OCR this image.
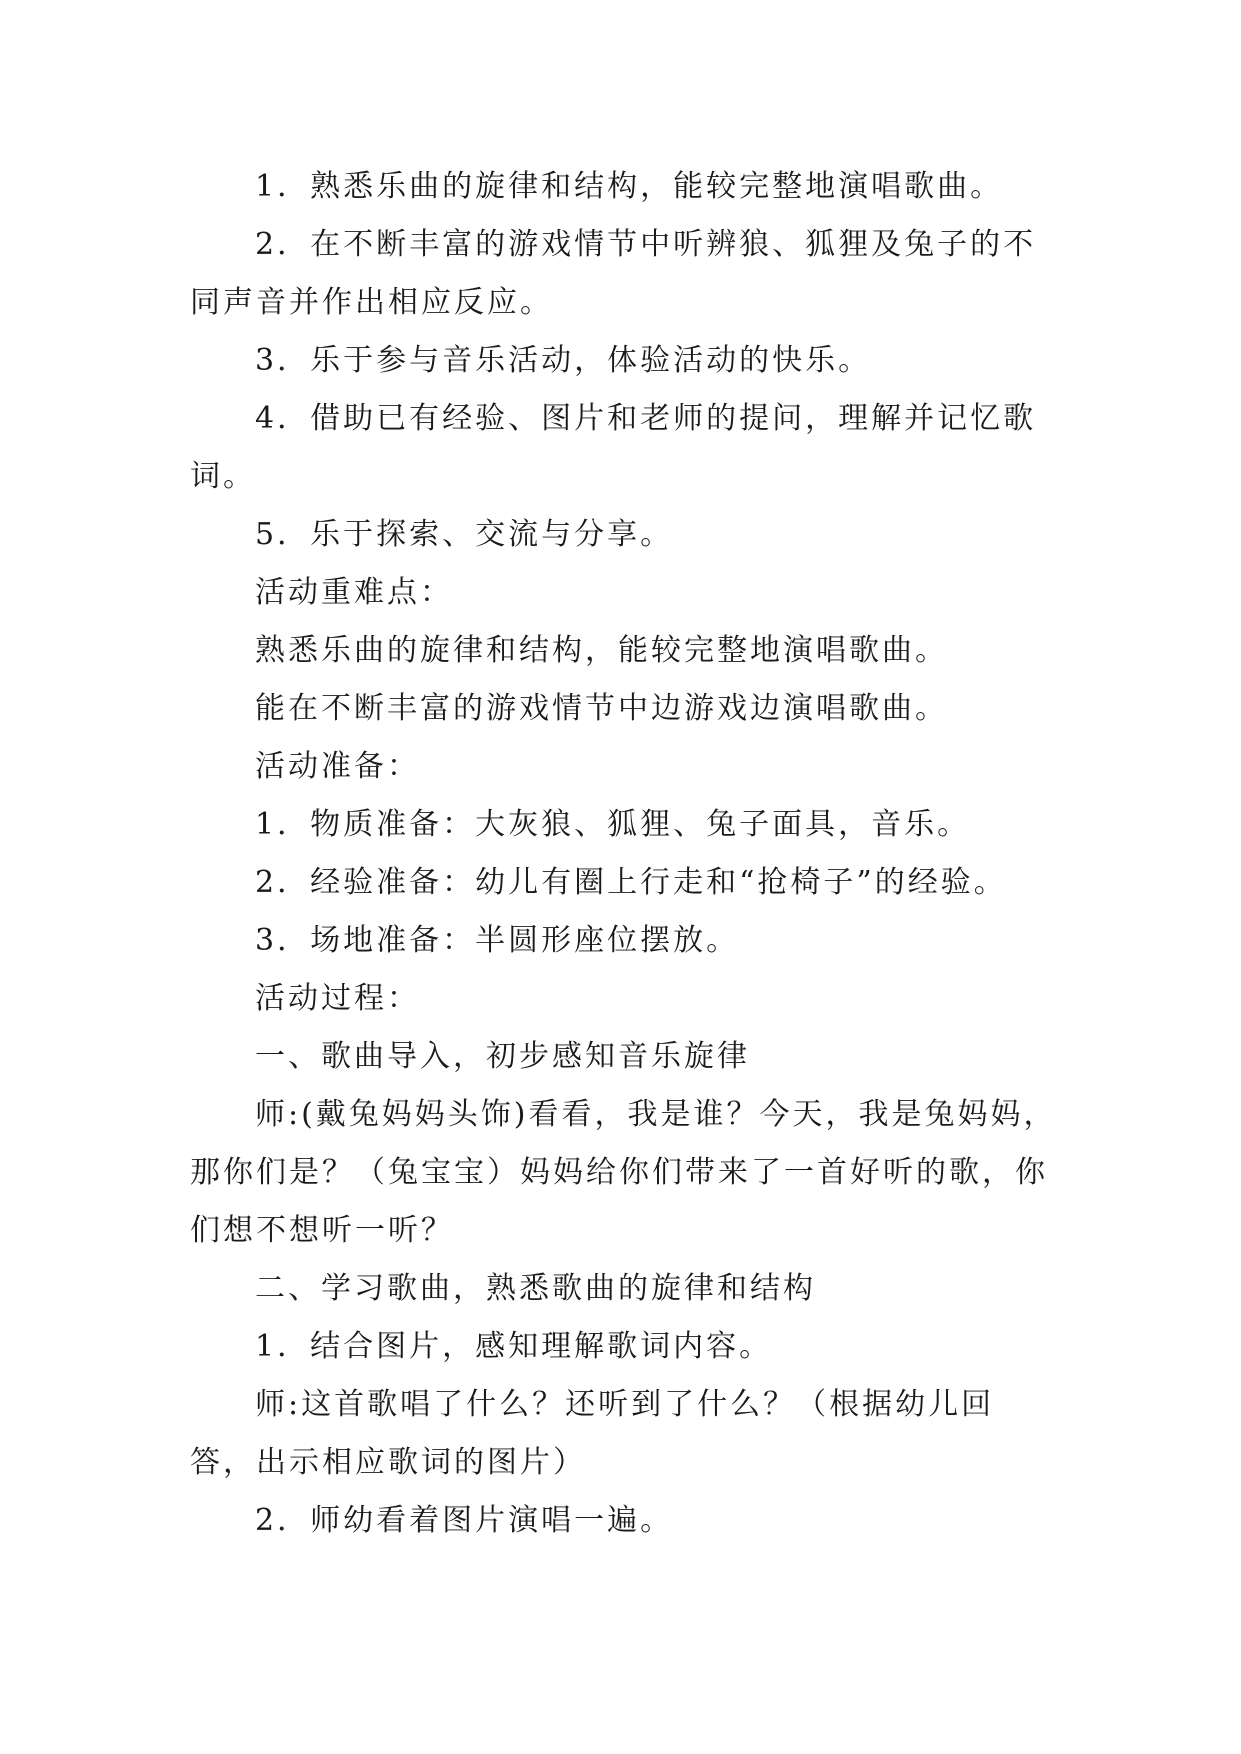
1．熟悉乐曲的旋律和结构，能较完整地演唱歌曲。

2．在不断丰富的游戏情节中听辨狼、狐狸及兔子的不同声音并作出相应反应。

3．乐于参与音乐活动，体验活动的快乐。

4．借助已有经验、图片和老师的提问，理解并记忆歌词。

5．乐于探索、交流与分享。

活动重难点：

熟悉乐曲的旋律和结构，能较完整地演唱歌曲。

能在不断丰富的游戏情节中边游戏边演唱歌曲。

活动准备：

1．物质准备：大灰狼、狐狸、兔子面具，音乐。

2．经验准备：幼儿有圈上行走和“抢椅子”的经验。

3．场地准备：半圆形座位摆放。

活动过程：

一、歌曲导入，初步感知音乐旋律

师:(戴兔妈妈头饰)看看，我是谁？今天，我是兔妈妈，那你们是？（兔宝宝）妈妈给你们带来了一首好听的歌，你们想不想听一听？

二、学习歌曲，熟悉歌曲的旋律和结构

1．结合图片，感知理解歌词内容。

师:这首歌唱了什么？还听到了什么？（根据幼儿回答，出示相应歌词的图片）

2．师幼看着图片演唱一遍。
